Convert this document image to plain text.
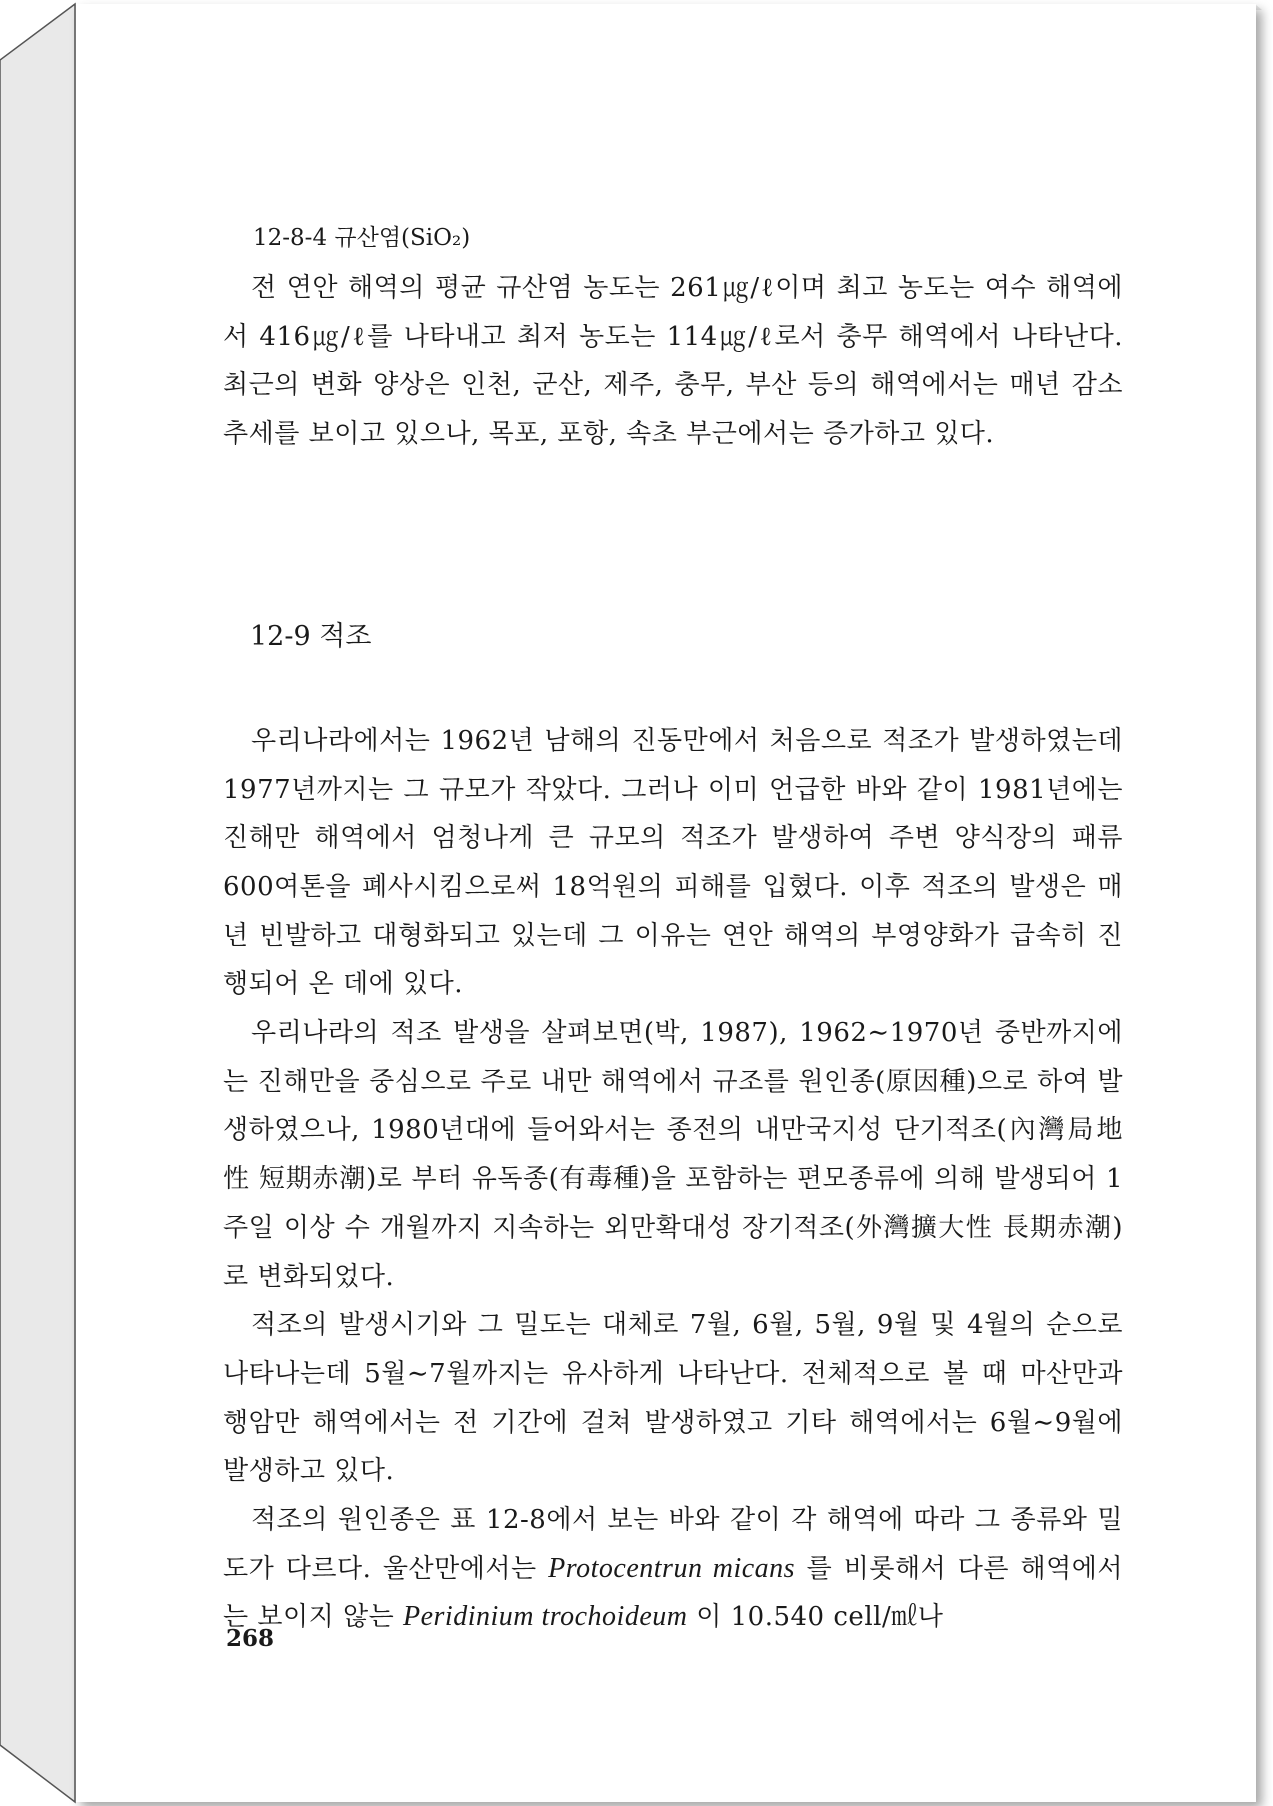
12-8-4 규산염(SiO₂)

전 연안 해역의 평균 규산염 농도는 261㎍/ℓ이며 최고 농도는 여수 해역에서 416㎍/ℓ를 나타내고 최저 농도는 114㎍/ℓ로서 충무 해역에서 나타난다. 최근의 변화 양상은 인천, 군산, 제주, 충무, 부산 등의 해역에서는 매년 감소 추세를 보이고 있으나, 목포, 포항, 속초 부근에서는 증가하고 있다.

12-9 적조

우리나라에서는 1962년 남해의 진동만에서 처음으로 적조가 발생하였는데 1977년까지는 그 규모가 작았다. 그러나 이미 언급한 바와 같이 1981년에는 진해만 해역에서 엄청나게 큰 규모의 적조가 발생하여 주변 양식장의 패류 600여톤을 폐사시킴으로써 18억원의 피해를 입혔다. 이후 적조의 발생은 매년 빈발하고 대형화되고 있는데 그 이유는 연안 해역의 부영양화가 급속히 진행되어 온 데에 있다.

우리나라의 적조 발생을 살펴보면(박, 1987), 1962∼1970년 중반까지에는 진해만을 중심으로 주로 내만 해역에서 규조를 원인종(原因種)으로 하여 발생하였으나, 1980년대에 들어와서는 종전의 내만국지성 단기적조(內灣局地性 短期赤潮)로 부터 유독종(有毒種)을 포함하는 편모종류에 의해 발생되어 1주일 이상 수 개월까지 지속하는 외만확대성 장기적조(外灣擴大性 長期赤潮)로 변화되었다.

적조의 발생시기와 그 밀도는 대체로 7월, 6월, 5월, 9월 및 4월의 순으로 나타나는데 5월∼7월까지는 유사하게 나타난다. 전체적으로 볼 때 마산만과 행암만 해역에서는 전 기간에 걸쳐 발생하였고 기타 해역에서는 6월∼9월에 발생하고 있다.

적조의 원인종은 표 12-8에서 보는 바와 같이 각 해역에 따라 그 종류와 밀도가 다르다. 울산만에서는 Protocentrun micans 를 비롯해서 다른 해역에서는 보이지 않는 Peridinium trochoideum 이 10.540 cell/㎖나

268
